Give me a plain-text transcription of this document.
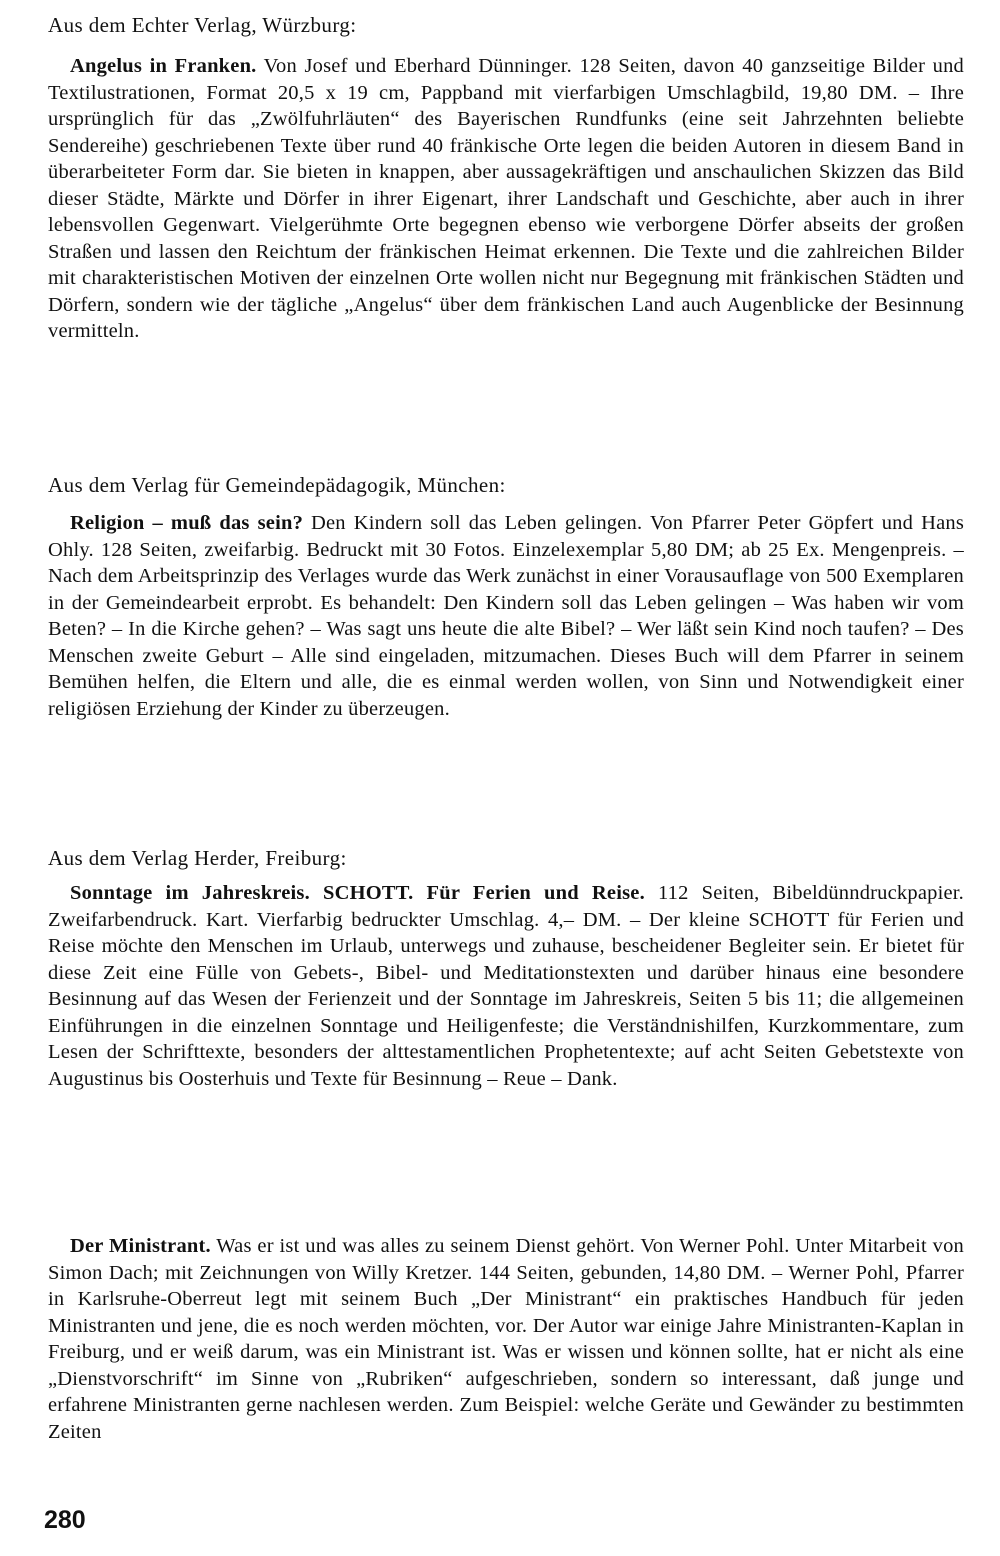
Aus dem Echter Verlag, Würzburg:
Angelus in Franken. Von Josef und Eberhard Dünninger. 128 Seiten, davon 40 ganzseitige Bilder und Textilustrationen, Format 20,5 x 19 cm, Pappband mit vierfarbigen Umschlagbild, 19,80 DM. – Ihre ursprünglich für das „Zwölfuhrläuten“ des Bayerischen Rundfunks (eine seit Jahrzehnten beliebte Sendereihe) geschriebenen Texte über rund 40 fränkische Orte legen die beiden Autoren in diesem Band in überarbeiteter Form dar. Sie bieten in knappen, aber aussagekräftigen und anschaulichen Skizzen das Bild dieser Städte, Märkte und Dörfer in ihrer Eigenart, ihrer Landschaft und Geschichte, aber auch in ihrer lebensvollen Gegenwart. Vielgerühmte Orte begegnen ebenso wie verborgene Dörfer abseits der großen Straßen und lassen den Reichtum der fränkischen Heimat erkennen. Die Texte und die zahlreichen Bilder mit charakteristischen Motiven der einzelnen Orte wollen nicht nur Begegnung mit fränkischen Städten und Dörfern, sondern wie der tägliche „Angelus“ über dem fränkischen Land auch Augenblicke der Besinnung vermitteln.
Aus dem Verlag für Gemeindepädagogik, München:
Religion – muß das sein? Den Kindern soll das Leben gelingen. Von Pfarrer Peter Göpfert und Hans Ohly. 128 Seiten, zweifarbig. Bedruckt mit 30 Fotos. Einzelexemplar 5,80 DM; ab 25 Ex. Mengenpreis. – Nach dem Arbeitsprinzip des Verlages wurde das Werk zunächst in einer Vorausauflage von 500 Exemplaren in der Gemeindearbeit erprobt. Es behandelt: Den Kindern soll das Leben gelingen – Was haben wir vom Beten? – In die Kirche gehen? – Was sagt uns heute die alte Bibel? – Wer läßt sein Kind noch taufen? – Des Menschen zweite Geburt – Alle sind eingeladen, mitzumachen. Dieses Buch will dem Pfarrer in seinem Bemühen helfen, die Eltern und alle, die es einmal werden wollen, von Sinn und Notwendigkeit einer religiösen Erziehung der Kinder zu überzeugen.
Aus dem Verlag Herder, Freiburg:
Sonntage im Jahreskreis. SCHOTT. Für Ferien und Reise. 112 Seiten, Bibeldünndruckpapier. Zweifarbendruck. Kart. Vierfarbig bedruckter Umschlag. 4,– DM. – Der kleine SCHOTT für Ferien und Reise möchte den Menschen im Urlaub, unterwegs und zuhause, bescheidener Begleiter sein. Er bietet für diese Zeit eine Fülle von Gebets-, Bibel- und Meditationstexten und darüber hinaus eine besondere Besinnung auf das Wesen der Ferienzeit und der Sonntage im Jahreskreis, Seiten 5 bis 11; die allgemeinen Einführungen in die einzelnen Sonntage und Heiligenfeste; die Verständnishilfen, Kurzkommentare, zum Lesen der Schrifttexte, besonders der alttestamentlichen Prophetentexte; auf acht Seiten Gebetstexte von Augustinus bis Oosterhuis und Texte für Besinnung – Reue – Dank.
Der Ministrant. Was er ist und was alles zu seinem Dienst gehört. Von Werner Pohl. Unter Mitarbeit von Simon Dach; mit Zeichnungen von Willy Kretzer. 144 Seiten, gebunden, 14,80 DM. – Werner Pohl, Pfarrer in Karlsruhe-Oberreut legt mit seinem Buch „Der Ministrant“ ein praktisches Handbuch für jeden Ministranten und jene, die es noch werden möchten, vor. Der Autor war einige Jahre Ministranten-Kaplan in Freiburg, und er weiß darum, was ein Ministrant ist. Was er wissen und können sollte, hat er nicht als eine „Dienstvorschrift“ im Sinne von „Rubriken“ aufgeschrieben, sondern so interessant, daß junge und erfahrene Ministranten gerne nachlesen werden. Zum Beispiel: welche Geräte und Gewänder zu bestimmten Zeiten
280
